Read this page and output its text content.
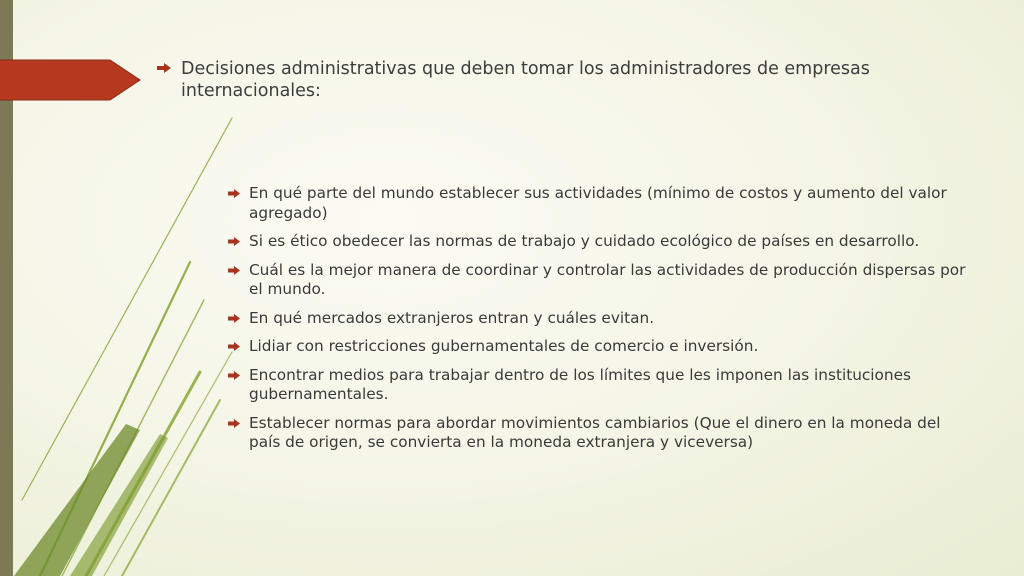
Decisiones administrativas que deben tomar los administradores de empresas internacionales:
En qué parte del mundo establecer sus actividades (mínimo de costos y aumento del valor agregado)
Si es ético obedecer las normas de trabajo y cuidado ecológico de países en desarrollo.
Cuál es la mejor manera de coordinar y controlar las actividades de producción dispersas por el mundo.
En qué mercados extranjeros entran y cuáles evitan.
Lidiar con restricciones gubernamentales de comercio e inversión.
Encontrar medios para trabajar dentro de los límites que les imponen las instituciones gubernamentales.
Establecer normas para abordar movimientos cambiarios (Que el dinero en la moneda del país de origen, se convierta en la moneda extranjera y viceversa)
